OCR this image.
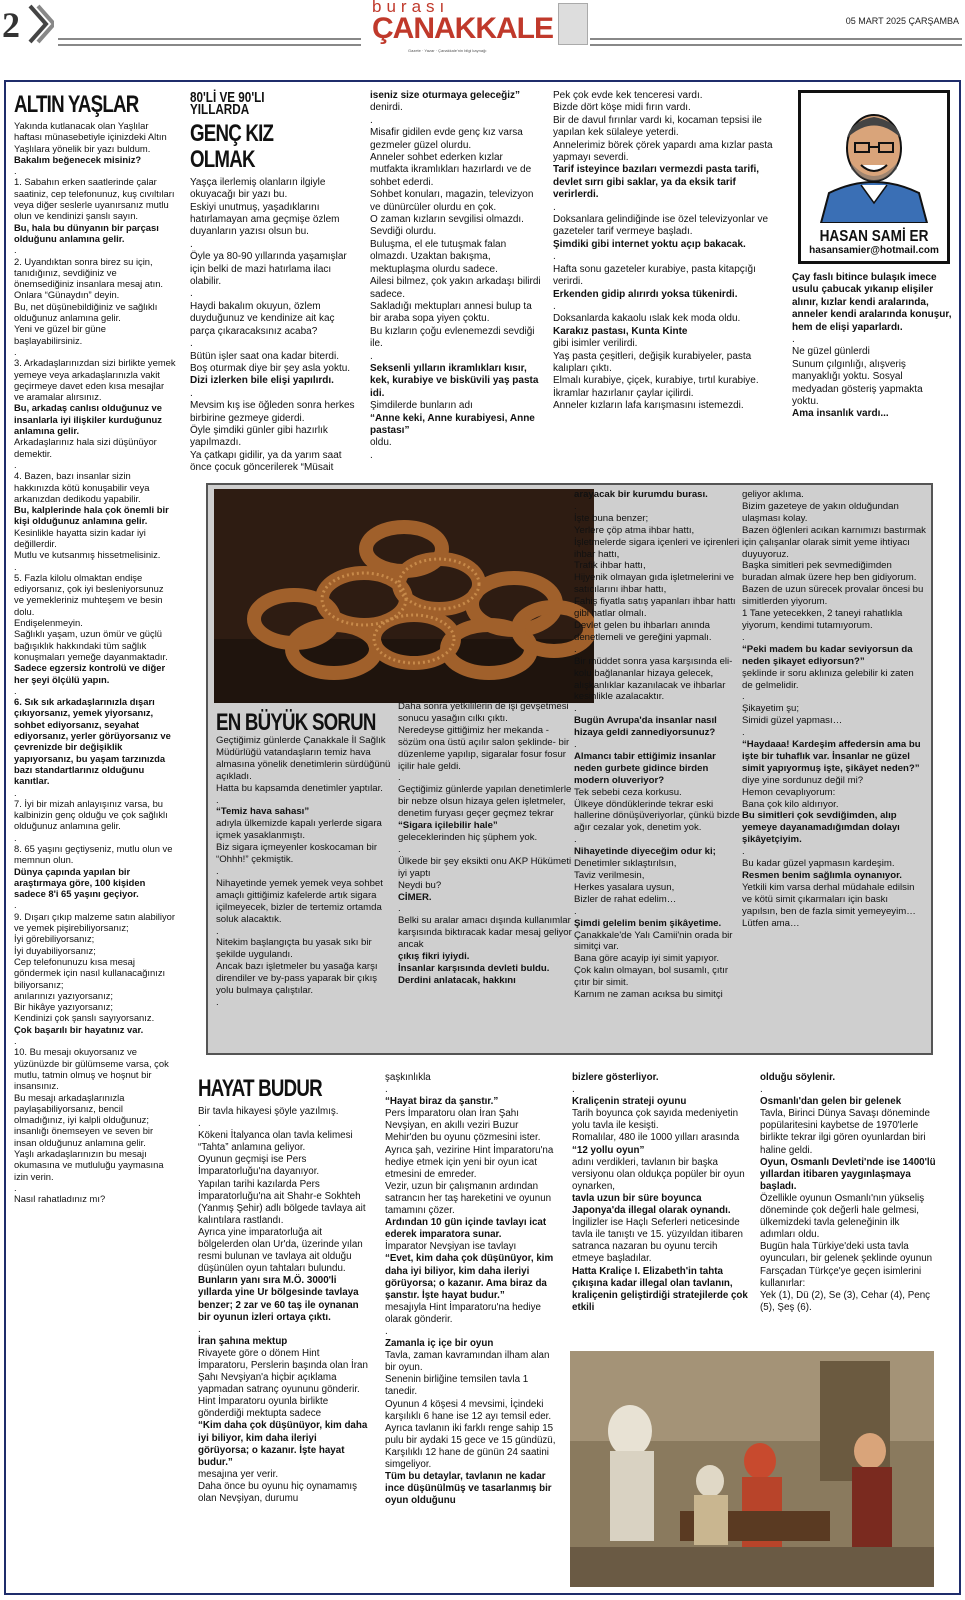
2	burası
ÇANAKKALE
Gazete · Yazar · Çanakkale'nin bilgi kaynağı
05 MART 2025 ÇARŞAMBA
ALTIN YAŞLAR

Yakında kutlanacak olan Yaşlılar haftası münasebetiyle içinizdeki Altın Yaşlılara yönelik bir yazı buldum.

Bakalım beğenecek misiniz?

.

1. Sabahın erken saatlerinde çalar saatiniz, cep telefonunuz, kuş cıvıltıları veya diğer seslerle uyanırsanız mutlu olun ve kendinizi şanslı sayın.

Bu, hala bu dünyanın bir parçası olduğunu anlamına gelir.

.

2. Uyandıktan sonra birez su için, tanıdığınız, sevdiğiniz ve önemsediğiniz insanlara mesaj atın.

Onlara “Günaydın” deyin.

Bu, net düşünebildiğiniz ve sağlıklı olduğunuz anlamına gelir.

Yeni ve güzel bir güne başlayabilirsiniz.

.

3. Arkadaşlarınızdan sizi birlikte yemek yemeye veya arkadaşlarınızla vakit geçirmeye davet eden kısa mesajlar ve aramalar alırsınız.

Bu, arkadaş canlısı olduğunuz ve insanlarla iyi ilişkiler kurduğunuz anlamına gelir.

Arkadaşlarınız hala sizi düşünüyor demektir.

.

4. Bazen, bazı insanlar sizin hakkınızda kötü konuşabilir veya arkanızdan dedikodu yapabilir.

Bu, kalplerinde hala çok önemli bir kişi olduğunuz anlamına gelir.

Kesinlikle hayatta sizin kadar iyi değillerdir.

Mutlu ve kutsanmış hissetmelisiniz.

.

5. Fazla kilolu olmaktan endişe ediyorsanız, çok iyi besleniyorsunuz ve yemekleriniz muhteşem ve besin dolu.

Endişelenmeyin.

Sağlıklı yaşam, uzun ömür ve güçlü bağışıklık hakkındaki tüm sağlık konuşmaları yemeğe dayanmaktadır.

Sadece egzersiz kontrolü ve diğer her şeyi ölçülü yapın.

.

6. Sık sık arkadaşlarınızla dışarı çıkıyorsanız, yemek yiyorsanız, sohbet ediyorsanız, seyahat ediyorsanız, yerler görüyorsanız ve çevrenizde bir değişiklik yapıyorsanız, bu yaşam tarzınızda bazı standartlarınız olduğunu kanıtlar.

.

7. İyi bir mizah anlayışınız varsa, bu kalbinizin genç olduğu ve çok sağlıklı olduğunuz anlamına gelir.

.

8. 65 yaşını geçtiyseniz, mutlu olun ve memnun olun.

Dünya çapında yapılan bir araştırmaya göre, 100 kişiden sadece 8'i 65 yaşını geçiyor.

.

9. Dışarı çıkıp malzeme satın alabiliyor ve yemek pişirebiliyorsanız;

İyi görebiliyorsanız;

İyi duyabiliyorsanız;

Cep telefonunuzu kısa mesaj göndermek için nasıl kullanacağınızı biliyorsanız;

anılarınızı yazıyorsanız;

Bir hikâye yazıyorsanız;

Kendinizi çok şanslı sayıyorsanız.

Çok başarılı bir hayatınız var.

.

10. Bu mesajı okuyorsanız ve yüzünüzde bir gülümseme varsa, çok mutlu, tatmin olmuş ve hoşnut bir insansınız.

Bu mesajı arkadaşlarınızla paylaşabiliyorsanız, bencil olmadığınız, iyi kalpli olduğunuz; insanlığı önemseyen ve seven bir insan olduğunuz anlamına gelir.

Yaşlı arkadaşlarınızın bu mesajı okumasına ve mutluluğu yaymasına izin verin.

.

Nasıl rahatladınız mı?

80'Lİ VE 90'LI YILLARDA
GENÇ KIZ OLMAK

Yaşça ilerlemiş olanların ilgiyle okuyacağı bir yazı bu.

Eskiyi unutmuş, yaşadıklarını hatırlamayan ama geçmişe özlem duyanların yazısı olsun bu.

.

Öyle ya 80-90 yıllarında yaşamışlar için belki de mazi hatırlama ilacı olabilir.

.

Haydi bakalım okuyun, özlem duyduğunuz ve kendinize ait kaç parça çıkaracaksınız acaba?

.

Bütün işler saat ona kadar biterdi.

Boş oturmak diye bir şey asla yoktu.

Dizi izlerken bile elişi yapılırdı.

.

Mevsim kış ise öğleden sonra herkes birbirine gezmeye giderdi.

Öyle şimdiki günler gibi hazırlık yapılmazdı.

Ya çatkapı gidilir, ya da yarım saat önce çocuk göncerilerek “Müsait

iseniz size oturmaya geleceğiz”

denirdi.

.

Misafir gidilen evde genç kız varsa gezmeler güzel olurdu.

Anneler sohbet ederken kızlar mutfakta ikramlıkları hazırlardı ve de sohbet ederdi.

Sohbet konuları, magazin, televizyon ve dünürcüler olurdu en çok.

O zaman kızların sevgilisi olmazdı.

Sevdiği olurdu.

Buluşma, el ele tutuşmak falan olmazdı. Uzaktan bakışma, mektuplaşma olurdu sadece.

Ailesi bilmez, çok yakın arkadaşı bilirdi sadece.

Sakladığı mektupları annesi bulup ta bir araba sopa yiyen çoktu.

Bu kızların çoğu evlenemezdi sevdiği ile.

.

Seksenli yılların ikramlıkları kısır, kek, kurabiye ve bisküvili yaş pasta idi.

Şimdilerde bunların adı

“Anne keki, Anne kurabiyesi, Anne pastası”

oldu.

.

Pek çok evde kek tenceresi vardı.

Bizde dört köşe midi fırın vardı.

Bir de davul fırınlar vardı ki, kocaman tepsisi ile yapılan kek sülaleye yeterdi.

Annelerimiz börek çörek yapardı ama kızlar pasta yapmayı severdi.

Tarif isteyince bazıları vermezdi pasta tarifi, devlet sırrı gibi saklar, ya da eksik tarif verirlerdi.

.

Doksanlara gelindiğinde ise özel televizyonlar ve gazeteler tarif vermeye başladı.

Şimdiki gibi internet yoktu açıp bakacak.

.

Hafta sonu gazeteler kurabiye, pasta kitapçığı verirdi.

Erkenden gidip alırırdı yoksa tükenirdi.

.

Doksanlarda kakaolu ıslak kek moda oldu.

Karakız pastası, Kunta Kinte

gibi isimler verilirdi.

Yaş pasta çeşitleri, değişik kurabiyeler, pasta kalıpları çıktı.

Elmalı kurabiye, çiçek, kurabiye, tırtıl kurabiye.

İkramlar hazırlanır çaylar içilirdi.

Anneler kızların lafa karışmasını istemezdi.

HASAN SAMİ ER
hasansamier@hotmail.com

Çay faslı bitince bulaşık imece usulu çabucak yıkanıp elişiler alınır, kızlar kendi aralarında, anneler kendi aralarında konuşur, hem de elişi yaparlardı.

.

Ne güzel günlerdi

Sunum çılgınlığı, alışveriş manyaklığı yoktu. Sosyal medyadan gösteriş yapmakta yoktu.

Ama insanlık vardı...

EN BÜYÜK SORUN

Geçtiğimiz günlerde Çanakkale İl Sağlık Müdürlüğü vatandaşların temiz hava almasına yönelik denetimlerin sürdüğünü açıkladı.

Hatta bu kapsamda denetimler yaptılar.

.

“Temiz hava sahası”

adıyla ülkemizde kapalı yerlerde sigara içmek yasaklanmıştı.

Biz sigara içmeyenler koskocaman bir “Ohhh!” çekmiştik.

.

Nihayetinde yemek yemek veya sohbet amaçlı gittiğimiz kafelerde artık sigara içilmeyecek, bizler de tertemiz ortamda soluk alacaktık.

.

Nitekim başlangıçta bu yasak sıkı bir şekilde uygulandı.

Ancak bazı işletmeler bu yasağa karşı direndiler ve by-pass yaparak bir çıkış yolu bulmaya çalıştılar.

.

Daha sonra yetkililerin de işi gevşetmesi sonucu yasağın cılkı çıktı.

Neredeyse gittiğimiz her mekanda - sözüm ona üstü açılır salon şeklinde- bir düzenleme yapılıp, sigaralar fosur fosur içilir hale geldi.

.

Geçtiğimiz günlerde yapılan denetimlerle bir nebze olsun hizaya gelen işletmeler, denetim furyası geçer geçmez tekrar

“Sigara içilebilir hale”

geleceklerinden hiç şüphem yok.

.

Ülkede bir şey eksikti onu AKP Hükümeti iyi yaptı

Neydi bu?

CİMER.

.

Belki su aralar amacı dışında kullanımlar karşısında biktıracak kadar mesaj geliyor ancak

çıkış fikri iyiydi.

İnsanlar karşısında devleti buldu.

Derdini anlatacak, hakkını

arayacak bir kurumdu burası.

.

İşte buna benzer;

Yerlere çöp atma ihbar hattı,

İşletmelerde sigara içenleri ve içirenleri ihbar hattı,

Trafik ihbar hattı,

Hijyenik olmayan gıda işletmelerini ve satıcılarını ihbar hattı,

Fahiş fiyatla satış yapanları ihbar hattı gibi hatlar olmalı.

Devlet gelen bu ihbarları anında denetlemeli ve gereğini yapmalı.

.

Bir müddet sonra yasa karşısında eli-kolu bağlananlar hizaya gelecek, alışkanlıklar kazanılacak ve ihbarlar kesinlikle azalacaktır.

.

Bugün Avrupa'da insanlar nasıl hizaya geldi zannediyorsunuz?

.

Almancı tabir ettiğimiz insanlar neden gurbete gidince birden modern oluveriyor?

Tek sebebi ceza korkusu.

Ülkeye döndüklerinde tekrar eski hallerine dönüşüveriyorlar, çünkü bizde ağır cezalar yok, denetim yok.

.

Nihayetinde diyeceğim odur ki;

Denetimler sıklaştırılsın,

Taviz verilmesin,

Herkes yasalara uysun,

Bizler de rahat edelim…

.

Şimdi gelelim benim şikâyetime.

Çanakkale'de Yalı Camii'nin orada bir simitçi var.

Bana göre acayip iyi simit yapıyor.

Çok kalın olmayan, bol susamlı, çıtır çıtır bir simit.

Karnım ne zaman acıksa bu simitçi

geliyor aklıma.

Bizim gazeteye de yakın olduğundan ulaşması kolay.

Bazen öğlenleri acıkan karnımızı bastırmak için çalışanlar olarak simit yeme ihtiyacı duyuyoruz.

Başka simitleri pek sevmediğimden buradan almak üzere hep ben gidiyorum.

Bazen de uzun sürecek provalar öncesi bu simitlerden yiyorum.

1 Tane yetecekken, 2 taneyi rahatlıkla yiyorum, kendimi tutamıyorum.

.

“Peki madem bu kadar seviyorsun da neden şikayet ediyorsun?”

şeklinde ir soru aklınıza gelebilir ki zaten de gelmelidir.

.

Şikayetim şu;

Simidi güzel yapması…

.

“Haydaaa! Kardeşim affedersin ama bu işte bir tuhaflık var. İnsanlar ne güzel simit yapıyormuş işte, şikâyet neden?”

diye yine sordunuz değil mi?

Hemon cevaplıyorum:

Bana çok kilo aldırıyor.

Bu simitleri çok sevdiğimden, alıp yemeye dayanamadığımdan dolayı şikâyetçiyim.

.

Bu kadar güzel yapmasın kardeşim.

Resmen benim sağlımla oynanıyor.

Yetkili kim varsa derhal müdahale edilsin ve kötü simit çıkarmaları için baskı yapılsın, ben de fazla simit yemeyeyim…

Lütfen ama…

HAYAT BUDUR

Bir tavla hikayesi şöyle yazılmış.

.

Kökeni İtalyanca olan tavla kelimesi “Tahta” anlamına geliyor.

Oyunun geçmişi ise Pers İmparatorluğu'na dayanıyor.

Yapılan tarihi kazılarda Pers İmparatorluğu'na ait Shahr-e Sokhteh (Yanmış Şehir) adlı bölgede tavlaya ait kalıntılara rastlandı.

Ayrıca yine imparatorluğa ait bölgelerden olan Ur'da, üzerinde yılan resmi bulunan ve tavlaya ait olduğu düşünülen oyun tahtaları bulundu.

Bunların yanı sıra M.Ö. 3000'li yıllarda yine Ur bölgesinde tavlaya benzer; 2 zar ve 60 taş ile oynanan bir oyunun izleri ortaya çıktı.

.

İran şahına mektup

Rivayete göre o dönem Hint İmparatoru, Perslerin başında olan İran Şahı Nevşiyan'a hiçbir açıklama yapmadan satranç oyununu gönderir.

Hint İmparatoru oyunla birlikte gönderdiği mektupta sadece

“Kim daha çok düşünüyor, kim daha iyi biliyor, kim daha ileriyi görüyorsa; o kazanır. İşte hayat budur.”

mesajına yer verir.

Daha önce bu oyunu hiç oynamamış olan Nevşiyan, durumu

şaşkınlıkla

.

“Hayat biraz da şanstır.”

Pers İmparatoru olan İran Şahı Nevşiyan, en akıllı veziri Buzur Mehir'den bu oyunu çözmesini ister.

Ayrıca şah, vezirine Hint İmparatoru'na hediye etmek için yeni bir oyun icat etmesini de emreder.

Vezir, uzun bir çalışmanın ardından satrancın her taş hareketini ve oyunun tamamını çözer.

Ardından 10 gün içinde tavlayı icat ederek imparatora sunar.

İmparator Nevşiyan ise tavlayı

“Evet, kim daha çok düşünüyor, kim daha iyi biliyor, kim daha ileriyi görüyorsa; o kazanır. Ama biraz da şanstır. İşte hayat budur.”

mesajıyla Hint İmparatoru'na hediye olarak gönderir.

.

Zamanla iç içe bir oyun

Tavla, zaman kavramından ilham alan bir oyun.

Senenin birliğine temsilen tavla 1 tanedir.

Oyunun 4 köşesi 4 mevsimi, İçindeki karşılıklı 6 hane ise 12 ayı temsil eder.

Ayrıca tavlanın iki farklı renge sahip 15 pulu bir aydaki 15 gece ve 15 gündüzü,

Karşılıklı 12 hane de günün 24 saatini simgeliyor.

Tüm bu detaylar, tavlanın ne kadar ince düşünülmüş ve tasarlanmış bir oyun olduğunu

bizlere gösterliyor.

.

Kraliçenin strateji oyunu

Tarih boyunca çok sayıda medeniyetin yolu tavla ile kesişti.

Romalılar, 480 ile 1000 yılları arasında

“12 yollu oyun”

adını verdikleri, tavlanın bir başka versiyonu olan oldukça popüler bir oyun oynarken,

tavla uzun bir süre boyunca Japonya'da illegal olarak oynandı.

İngilizler ise Haçlı Seferleri neticesinde tavla ile tanıştı ve 15. yüzyıldan itibaren satranca nazaran bu oyunu tercih etmeye başladılar.

Hatta Kraliçe I. Elizabeth'in tahta çıkışına kadar illegal olan tavlanın, kraliçenin geliştirdiği stratejilerde çok etkili

olduğu söylenir.

.

Osmanlı'dan gelen bir gelenek

Tavla, Birinci Dünya Savaşı döneminde popülaritesini kaybetse de 1970'lerle birlikte tekrar ilgi gören oyunlardan biri haline geldi.

Oyun, Osmanlı Devleti'nde ise 1400'lü yıllardan itibaren yaygınlaşmaya başladı.

Özellikle oyunun Osmanlı'nın yükseliş döneminde çok değerli hale gelmesi, ülkemizdeki tavla geleneğinin ilk adımları oldu.

Bugün hala Türkiye'deki usta tavla oyuncuları, bir gelenek şeklinde oyunun Farsçadan Türkçe'ye geçen isimlerini kullanırlar:

Yek (1), Dü (2), Se (3), Cehar (4), Penç (5), Şeş (6).
